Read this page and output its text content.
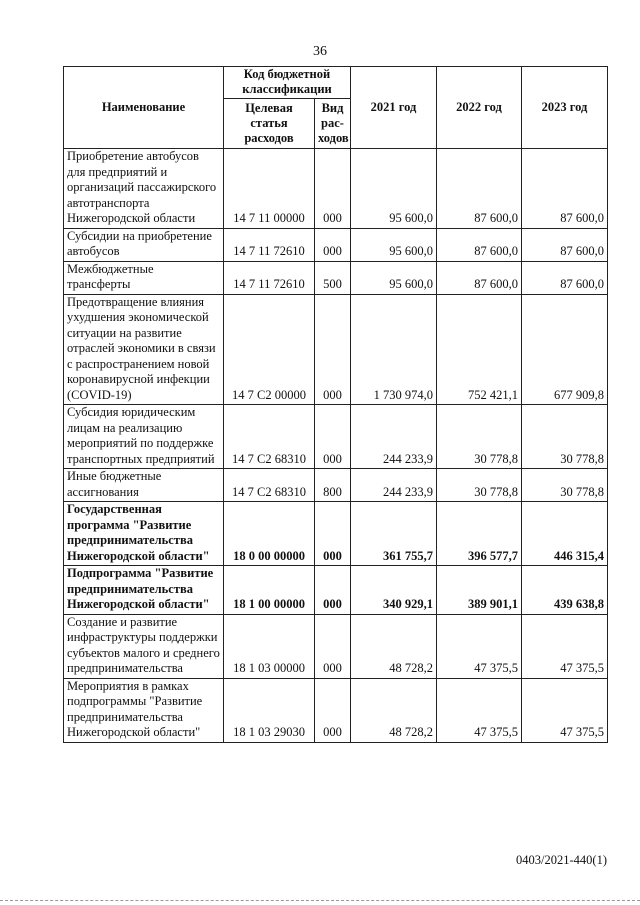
36
Наименование	Код бюджетной классификации		2021 год	2022 год	2023 год
	Целевая статья расходов	Вид рас- ходов			
Приобретение автобусов для предприятий и организаций пассажирского автотранспорта Нижегородской области	14 7 11 00000	000	95 600,0	87 600,0	87 600,0
Субсидии на приобретение автобусов	14 7 11 72610	000	95 600,0	87 600,0	87 600,0
Межбюджетные трансферты	14 7 11 72610	500	95 600,0	87 600,0	87 600,0
Предотвращение влияния ухудшения экономической ситуации на развитие отраслей экономики в связи с распространением новой коронавирусной инфекции (COVID-19)	14 7 C2 00000	000	1 730 974,0	752 421,1	677 909,8
Субсидия юридическим лицам на реализацию мероприятий по поддержке транспортных предприятий	14 7 C2 68310	000	244 233,9	30 778,8	30 778,8
Иные бюджетные ассигнования	14 7 C2 68310	800	244 233,9	30 778,8	30 778,8
Государственная программа "Развитие предпринимательства Нижегородской области"	18 0 00 00000	000	361 755,7	396 577,7	446 315,4
Подпрограмма "Развитие предпринимательства Нижегородской области"	18 1 00 00000	000	340 929,1	389 901,1	439 638,8
Создание и развитие инфраструктуры поддержки субъектов малого и среднего предпринимательства	18 1 03 00000	000	48 728,2	47 375,5	47 375,5
Мероприятия в рамках подпрограммы "Развитие предпринимательства Нижегородской области"	18 1 03 29030	000	48 728,2	47 375,5	47 375,5
0403/2021-440(1)
